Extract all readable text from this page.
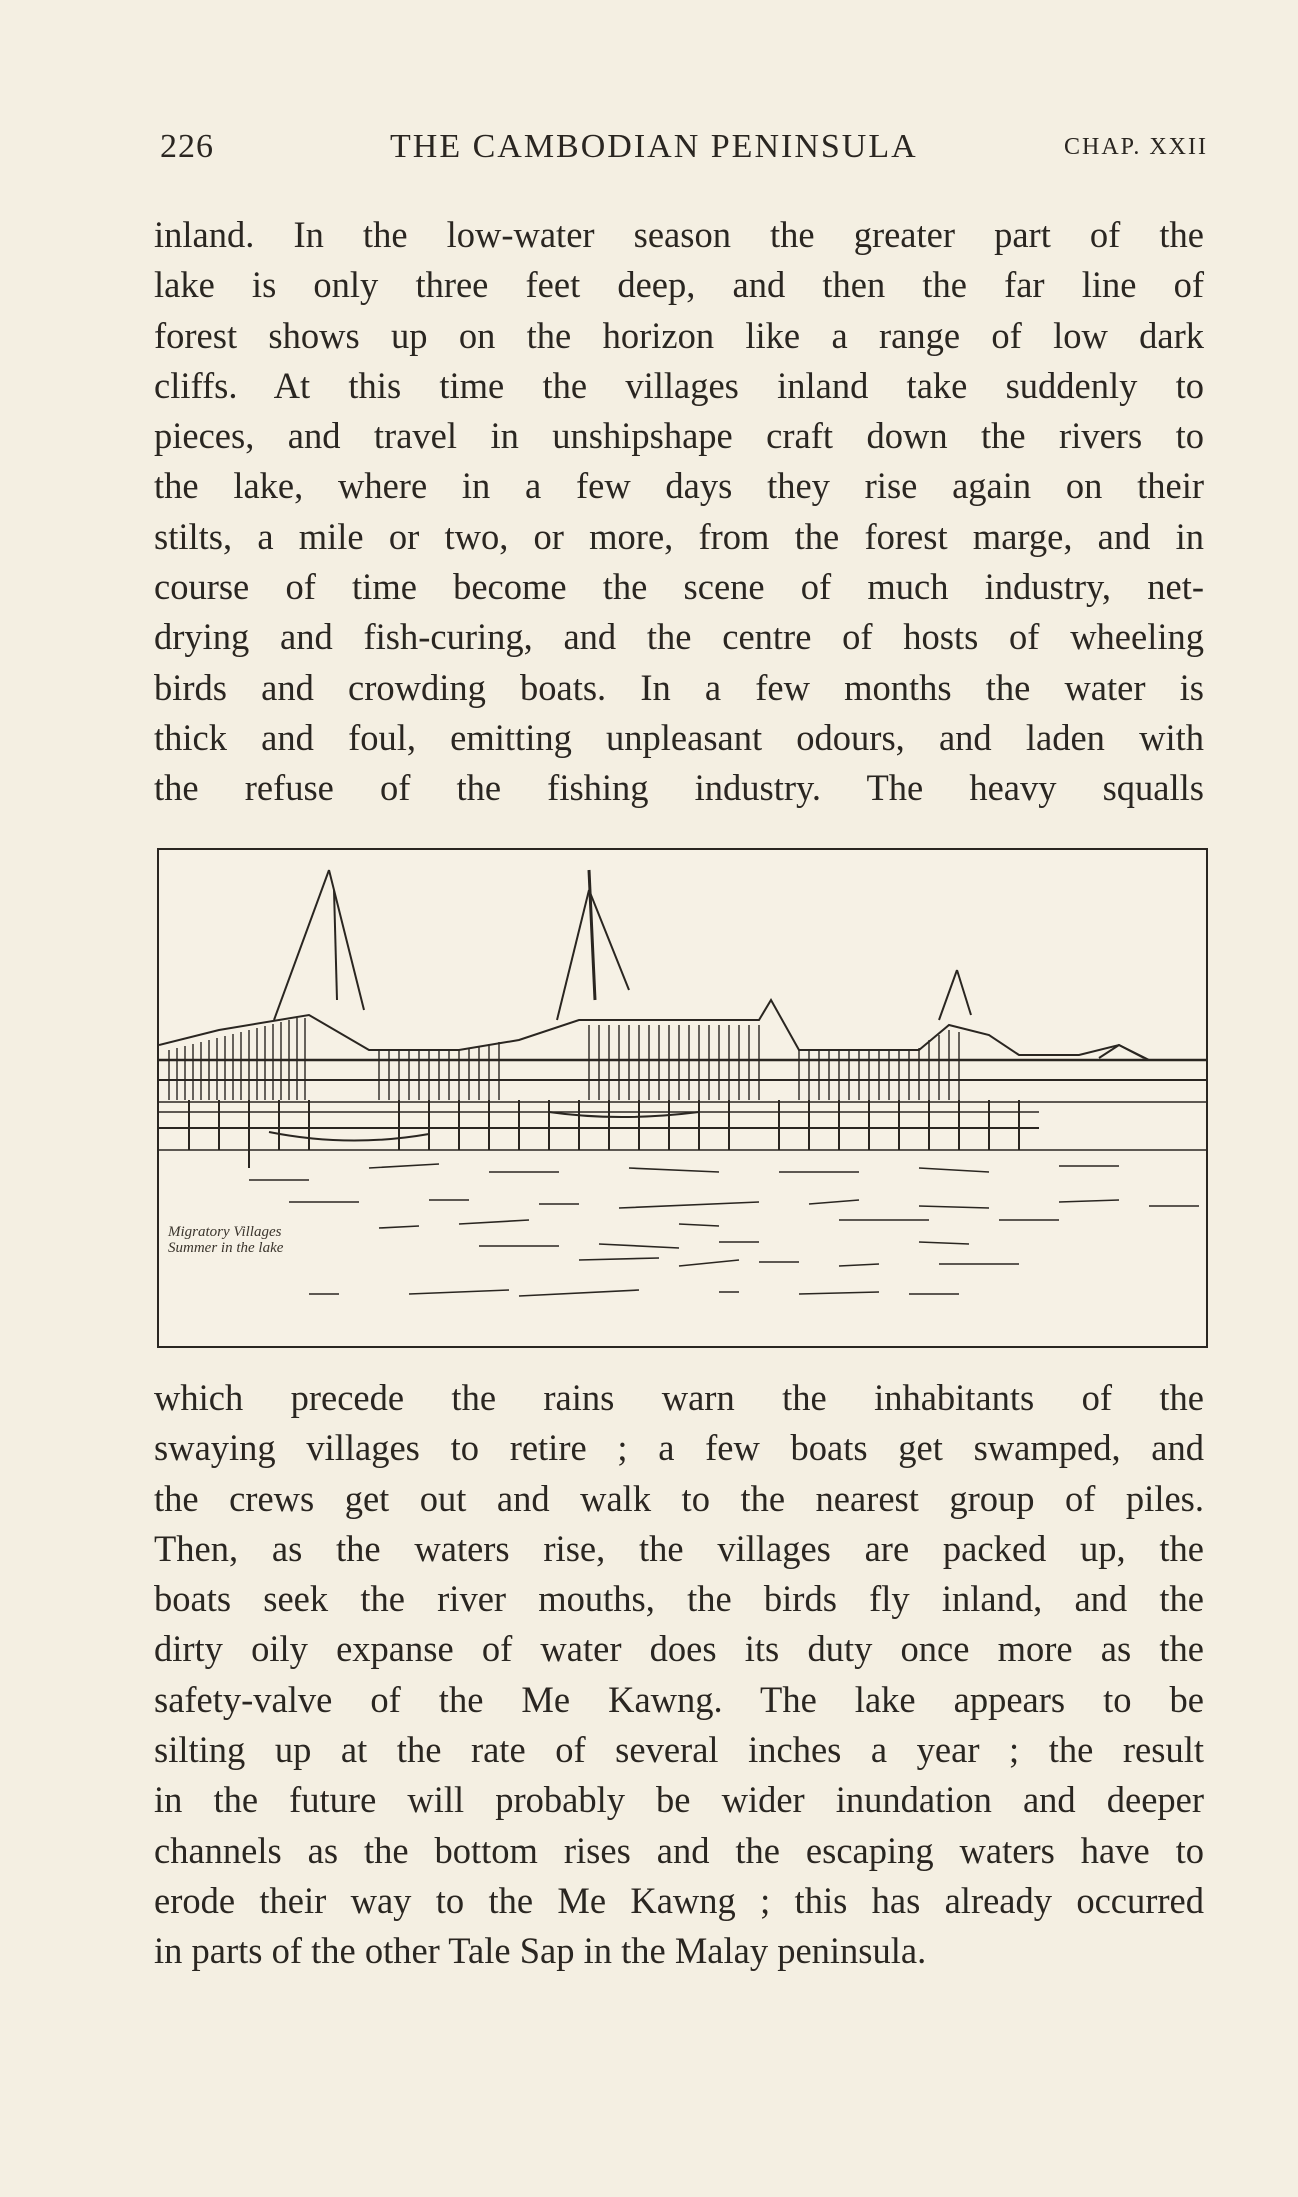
226	THE CAMBODIAN PENINSULA	CHAP. XXII
inland. In the low-water season the greater part of the
lake is only three feet deep, and then the far line of
forest shows up on the horizon like a range of low dark
cliffs. At this time the villages inland take suddenly to
pieces, and travel in unshipshape craft down the rivers to
the lake, where in a few days they rise again on their
stilts, a mile or two, or more, from the forest marge, and in
course of time become the scene of much industry, net-
drying and fish-curing, and the centre of hosts of wheeling
birds and crowding boats. In a few months the water is
thick and foul, emitting unpleasant odours, and laden with
the refuse of the fishing industry. The heavy squalls
Migratory Villages
Summer in the lake
which precede the rains warn the inhabitants of the
swaying villages to retire ; a few boats get swamped, and
the crews get out and walk to the nearest group of piles.
Then, as the waters rise, the villages are packed up, the
boats seek the river mouths, the birds fly inland, and the
dirty oily expanse of water does its duty once more as the
safety-valve of the Me Kawng. The lake appears to be
silting up at the rate of several inches a year ; the result
in the future will probably be wider inundation and deeper
channels as the bottom rises and the escaping waters have to
erode their way to the Me Kawng ; this has already occurred
in parts of the other Tale Sap in the Malay peninsula.
